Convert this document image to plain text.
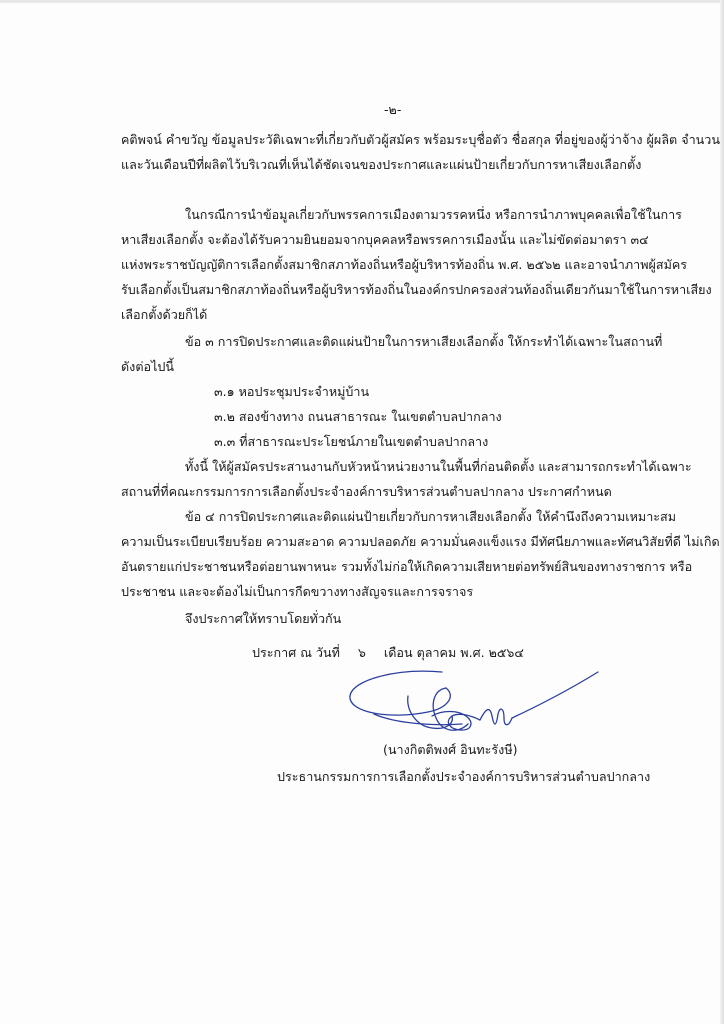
-๒-
คติพจน์ คำขวัญ ข้อมูลประวัติเฉพาะที่เกี่ยวกับตัวผู้สมัคร พร้อมระบุชื่อตัว ชื่อสกุล ที่อยู่ของผู้ว่าจ้าง ผู้ผลิต จำนวน
และวันเดือนปีที่ผลิตไว้บริเวณที่เห็นได้ชัดเจนของประกาศและแผ่นป้ายเกี่ยวกับการหาเสียงเลือกตั้ง
ในกรณีการนำข้อมูลเกี่ยวกับพรรคการเมืองตามวรรคหนึ่ง หรือการนำภาพบุคคลเพื่อใช้ในการ
หาเสียงเลือกตั้ง จะต้องได้รับความยินยอมจากบุคคลหรือพรรคการเมืองนั้น และไม่ขัดต่อมาตรา ๓๔
แห่งพระราชบัญญัติการเลือกตั้งสมาชิกสภาท้องถิ่นหรือผู้บริหารท้องถิ่น พ.ศ. ๒๕๖๒ และอาจนำภาพผู้สมัคร
รับเลือกตั้งเป็นสมาชิกสภาท้องถิ่นหรือผู้บริหารท้องถิ่นในองค์กรปกครองส่วนท้องถิ่นเดียวกันมาใช้ในการหาเสียง
เลือกตั้งด้วยก็ได้
ข้อ ๓ การปิดประกาศและติดแผ่นป้ายในการหาเสียงเลือกตั้ง ให้กระทำได้เฉพาะในสถานที่
ดังต่อไปนี้
๓.๑ หอประชุมประจำหมู่บ้าน
๓.๒ สองข้างทาง ถนนสาธารณะ ในเขตตำบลปากลาง
๓.๓ ที่สาธารณะประโยชน์ภายในเขตตำบลปากลาง
ทั้งนี้ ให้ผู้สมัครประสานงานกับหัวหน้าหน่วยงานในพื้นที่ก่อนติดตั้ง และสามารถกระทำได้เฉพาะ
สถานที่ที่คณะกรรมการการเลือกตั้งประจำองค์การบริหารส่วนตำบลปากลาง ประกาศกำหนด
ข้อ ๔ การปิดประกาศและติดแผ่นป้ายเกี่ยวกับการหาเสียงเลือกตั้ง ให้คำนึงถึงความเหมาะสม
ความเป็นระเบียบเรียบร้อย ความสะอาด ความปลอดภัย ความมั่นคงแข็งแรง มีทัศนียภาพและทัศนวิสัยที่ดี ไม่เกิด
อันตรายแก่ประชาชนหรือต่อยานพาหนะ รวมทั้งไม่ก่อให้เกิดความเสียหายต่อทรัพย์สินของทางราชการ หรือ
ประชาชน และจะต้องไม่เป็นการกีดขวางทางสัญจรและการจราจร
จึงประกาศให้ทราบโดยทั่วกัน
ประกาศ ณ วันที่ ๖ เดือน ตุลาคม พ.ศ. ๒๕๖๔
(นางกิตติพงศ์ อินทะรังษี)
ประธานกรรมการการเลือกตั้งประจำองค์การบริหารส่วนตำบลปากลาง
